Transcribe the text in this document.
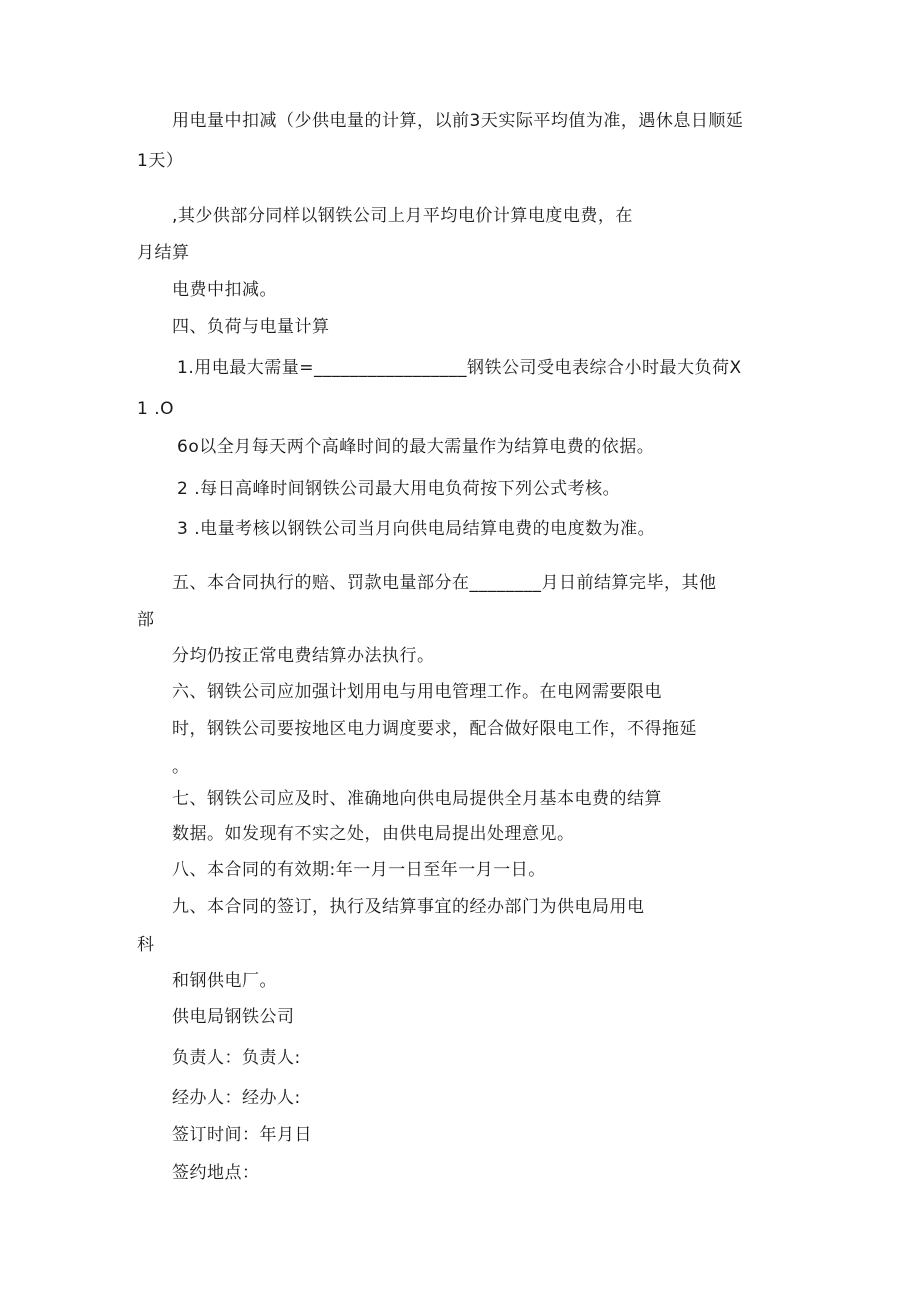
用电量中扣减（少供电量的计算，以前3天实际平均值为准，遇休息日顺延
1天）
,其少供部分同样以钢铁公司上月平均电价计算电度电费，在
月结算
电费中扣减。
四、负荷与电量计算
1.用电最大需量=_________________钢铁公司受电表综合小时最大负荷X
1 .O
6o以全月每天两个高峰时间的最大需量作为结算电费的依据。
2 .每日高峰时间钢铁公司最大用电负荷按下列公式考核。
3 .电量考核以钢铁公司当月向供电局结算电费的电度数为准。
五、本合同执行的赔、罚款电量部分在________月日前结算完毕，其他
部
分均仍按正常电费结算办法执行。
六、钢铁公司应加强计划用电与用电管理工作。在电网需要限电
时，钢铁公司要按地区电力调度要求，配合做好限电工作，不得拖延
。
七、钢铁公司应及时、准确地向供电局提供全月基本电费的结算
数据。如发现有不实之处，由供电局提出处理意见。
八、本合同的有效期:年一月一日至年一月一日。
九、本合同的签订，执行及结算事宜的经办部门为供电局用电
科
和钢供电厂。
供电局钢铁公司
负责人：负责人:
经办人：经办人:
签订时间：年月日
签约地点：
